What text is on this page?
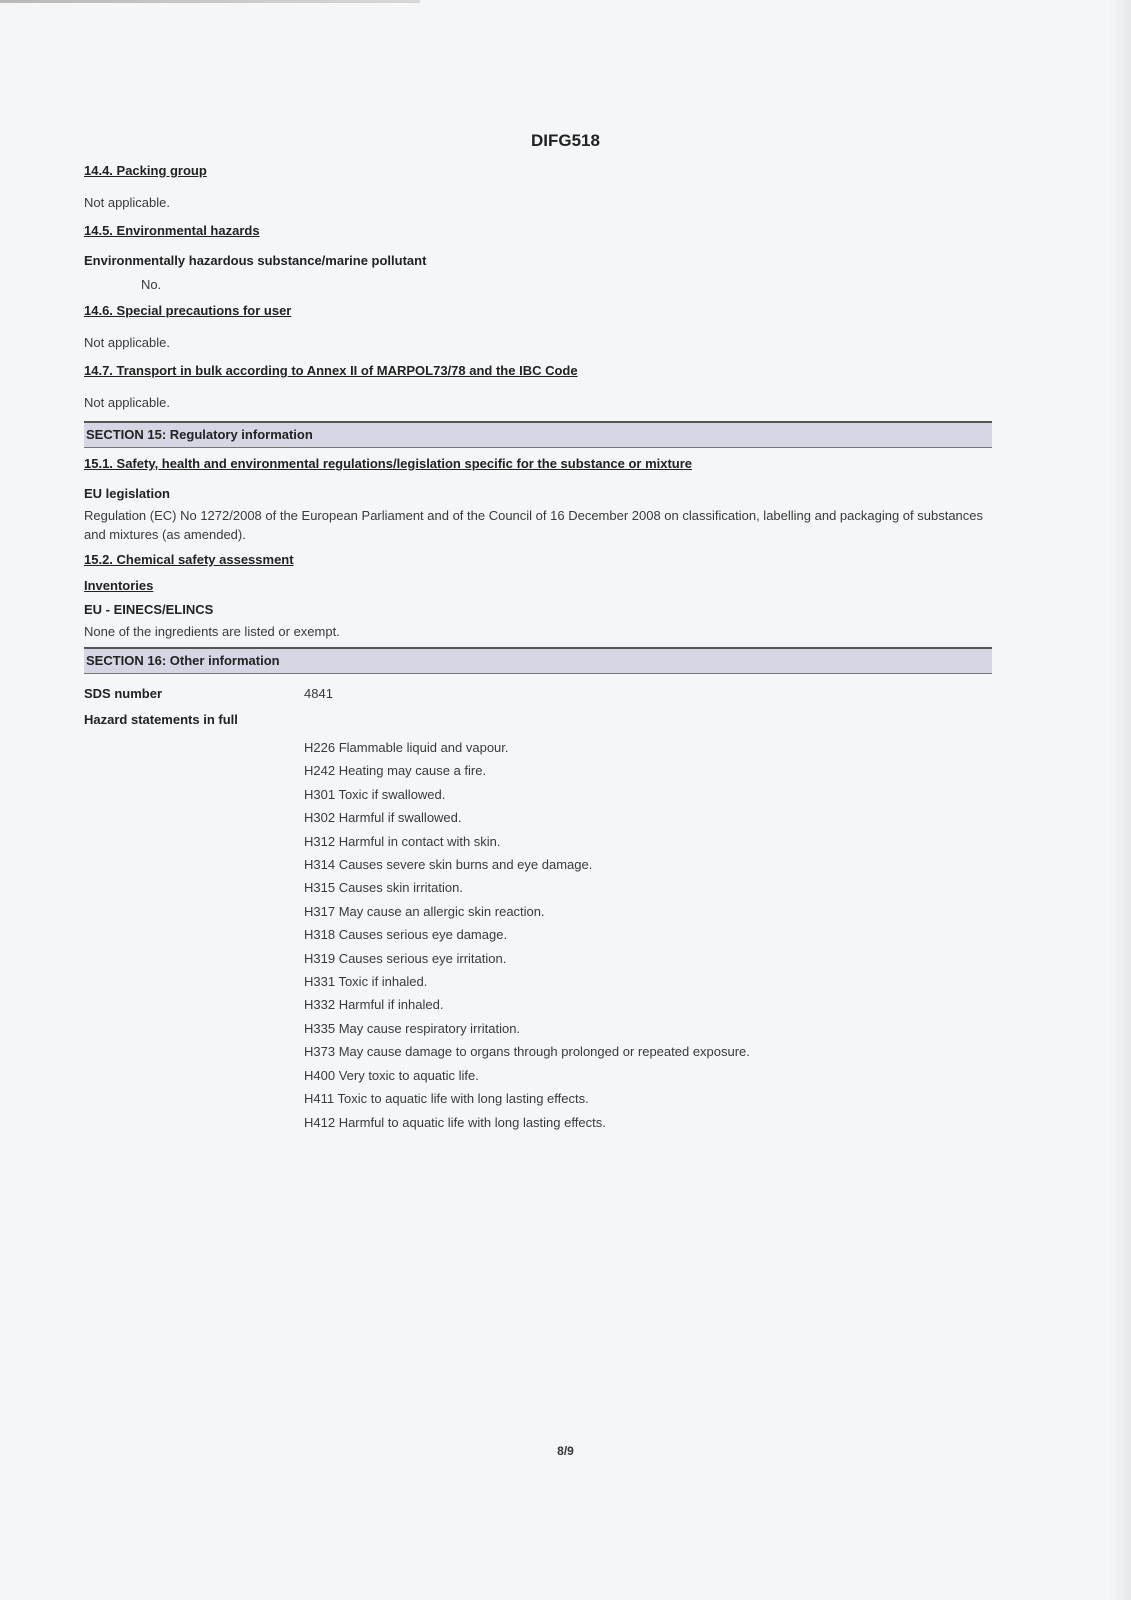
DIFG518
14.4. Packing group
Not applicable.
14.5. Environmental hazards
Environmentally hazardous substance/marine pollutant
No.
14.6. Special precautions for user
Not applicable.
14.7. Transport in bulk according to Annex II of MARPOL73/78 and the IBC Code
Not applicable.
SECTION 15: Regulatory information
15.1. Safety, health and environmental regulations/legislation specific for the substance or mixture
EU legislation
Regulation (EC) No 1272/2008 of the European Parliament and of the Council of 16 December 2008 on classification, labelling and packaging of substances and mixtures (as amended).
15.2. Chemical safety assessment
Inventories
EU - EINECS/ELINCS
None of the ingredients are listed or exempt.
SECTION 16: Other information
SDS number	4841
Hazard statements in full
H226 Flammable liquid and vapour.
H242 Heating may cause a fire.
H301 Toxic if swallowed.
H302 Harmful if swallowed.
H312 Harmful in contact with skin.
H314 Causes severe skin burns and eye damage.
H315 Causes skin irritation.
H317 May cause an allergic skin reaction.
H318 Causes serious eye damage.
H319 Causes serious eye irritation.
H331 Toxic if inhaled.
H332 Harmful if inhaled.
H335 May cause respiratory irritation.
H373 May cause damage to organs through prolonged or repeated exposure.
H400 Very toxic to aquatic life.
H411 Toxic to aquatic life with long lasting effects.
H412 Harmful to aquatic life with long lasting effects.
8/9
